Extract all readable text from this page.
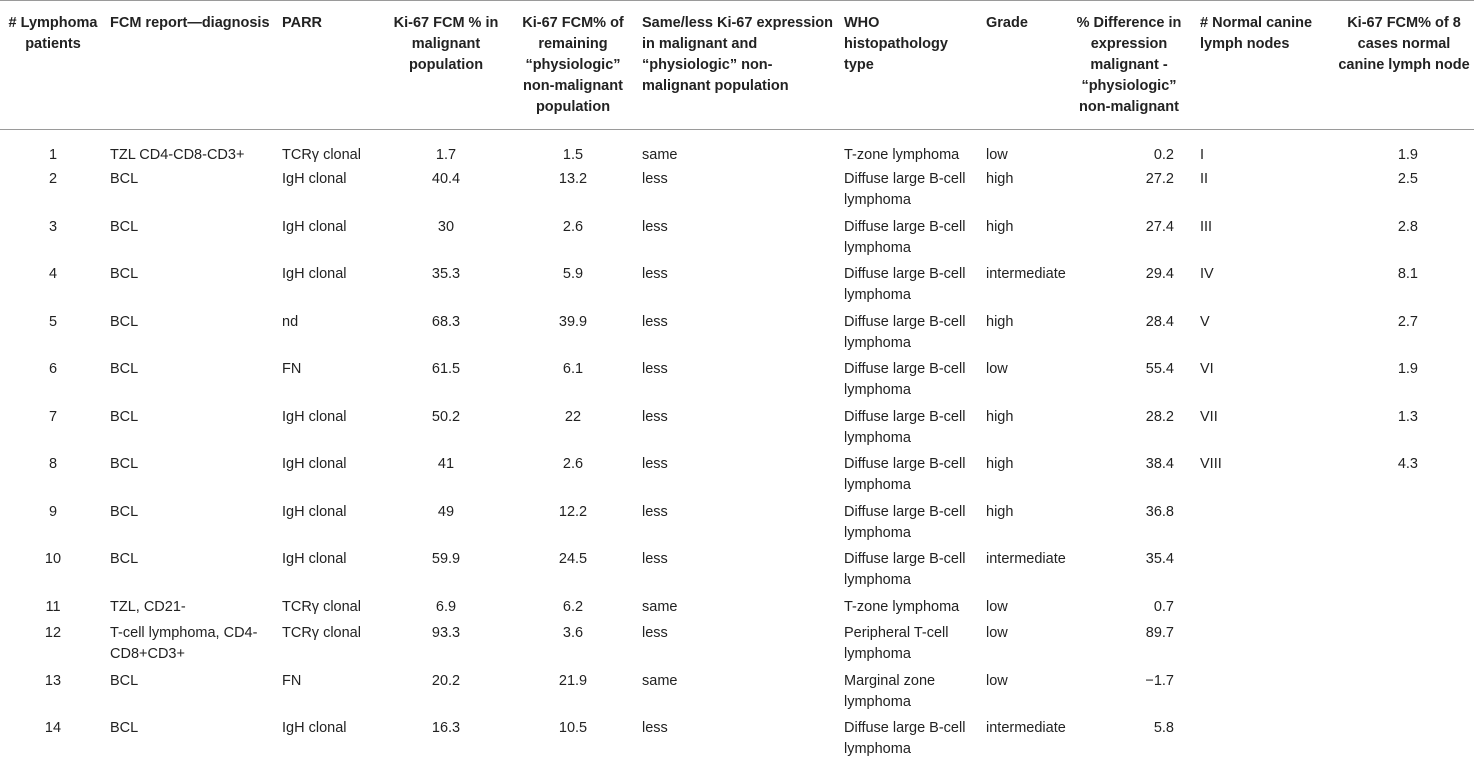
# Lymphoma patients	FCM report—diagnosis	PARR	Ki-67 FCM % in malignant population	Ki-67 FCM% of remaining “physiologic” non-malignant population	Same/less Ki-67 expression in malignant and “physiologic” non-malignant population	WHO histopathology type	Grade	% Difference in expression malignant - “physiologic” non-malignant	# Normal canine lymph nodes	Ki-67 FCM% of 8 cases normal canine lymph node
1	TZL CD4-CD8-CD3+	TCRγ clonal	1.7	1.5	same	T-zone lymphoma	low	0.2	I	1.9
2	BCL	IgH clonal	40.4	13.2	less	Diffuse large B-cell lymphoma	high	27.2	II	2.5
3	BCL	IgH clonal	30	2.6	less	Diffuse large B-cell lymphoma	high	27.4	III	2.8
4	BCL	IgH clonal	35.3	5.9	less	Diffuse large B-cell lymphoma	intermediate	29.4	IV	8.1
5	BCL	nd	68.3	39.9	less	Diffuse large B-cell lymphoma	high	28.4	V	2.7
6	BCL	FN	61.5	6.1	less	Diffuse large B-cell lymphoma	low	55.4	VI	1.9
7	BCL	IgH clonal	50.2	22	less	Diffuse large B-cell lymphoma	high	28.2	VII	1.3
8	BCL	IgH clonal	41	2.6	less	Diffuse large B-cell lymphoma	high	38.4	VIII	4.3
9	BCL	IgH clonal	49	12.2	less	Diffuse large B-cell lymphoma	high	36.8		
10	BCL	IgH clonal	59.9	24.5	less	Diffuse large B-cell lymphoma	intermediate	35.4		
11	TZL, CD21-	TCRγ clonal	6.9	6.2	same	T-zone lymphoma	low	0.7		
12	T-cell lymphoma, CD4-CD8+CD3+	TCRγ clonal	93.3	3.6	less	Peripheral T-cell lymphoma	low	89.7		
13	BCL	FN	20.2	21.9	same	Marginal zone lymphoma	low	−1.7		
14	BCL	IgH clonal	16.3	10.5	less	Diffuse large B-cell lymphoma	intermediate	5.8		
